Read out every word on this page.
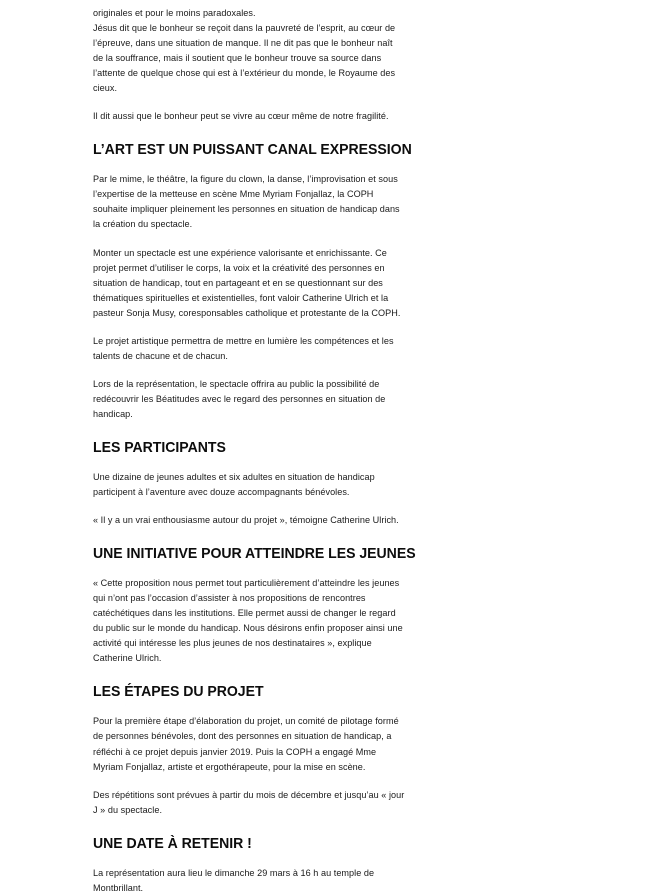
originales et pour le moins paradoxales.

Jésus dit que le bonheur se reçoit dans la pauvreté de l’esprit, au cœur de l’épreuve, dans une situation de manque. Il ne dit pas que le bonheur naît de la souffrance, mais il soutient que le bonheur trouve sa source dans l’attente de quelque chose qui est à l’extérieur du monde, le Royaume des cieux.

Il dit aussi que le bonheur peut se vivre au cœur même de notre fragilité.

L’ART EST UN PUISSANT CANAL EXPRESSION

Par le mime, le théâtre, la figure du clown, la danse, l’improvisation et sous l’expertise de la metteuse en scène Mme Myriam Fonjallaz, la COPH souhaite impliquer pleinement les personnes en situation de handicap dans la création du spectacle.

Monter un spectacle est une expérience valorisante et enrichissante. Ce projet permet d’utiliser le corps, la voix et la créativité des personnes en situation de handicap, tout en partageant et en se questionnant sur des thématiques spirituelles et existentielles, font valoir Catherine Ulrich et la pasteur Sonja Musy, coresponsables catholique et protestante de la COPH.

Le projet artistique permettra de mettre en lumière les compétences et les talents de chacune et de chacun.

Lors de la représentation, le spectacle offrira au public la possibilité de redécouvrir les Béatitudes avec le regard des personnes en situation de handicap.

LES PARTICIPANTS

Une dizaine de jeunes adultes et six adultes en situation de handicap participent à l’aventure avec douze accompagnants bénévoles.

« Il y a un vrai enthousiasme autour du projet », témoigne Catherine Ulrich.

UNE INITIATIVE POUR ATTEINDRE LES JEUNES

« Cette proposition nous permet tout particulièrement d’atteindre les jeunes qui n’ont pas l’occasion d’assister à nos propositions de rencontres catéchétiques dans les institutions. Elle permet aussi de changer le regard du public sur le monde du handicap. Nous désirons enfin proposer ainsi une activité qui intéresse les plus jeunes de nos destinataires », explique Catherine Ulrich.

LES ÉTAPES DU PROJET

Pour la première étape d’élaboration du projet, un comité de pilotage formé de personnes bénévoles, dont des personnes en situation de handicap, a réfléchi à ce projet depuis janvier 2019. Puis la COPH a engagé Mme Myriam Fonjallaz, artiste et ergothérapeute, pour la mise en scène.

Des répétitions sont prévues à partir du mois de décembre et jusqu’au « jour J » du spectacle.

UNE DATE À RETENIR !

La représentation aura lieu le dimanche 29 mars à 16 h au temple de Montbrillant.
